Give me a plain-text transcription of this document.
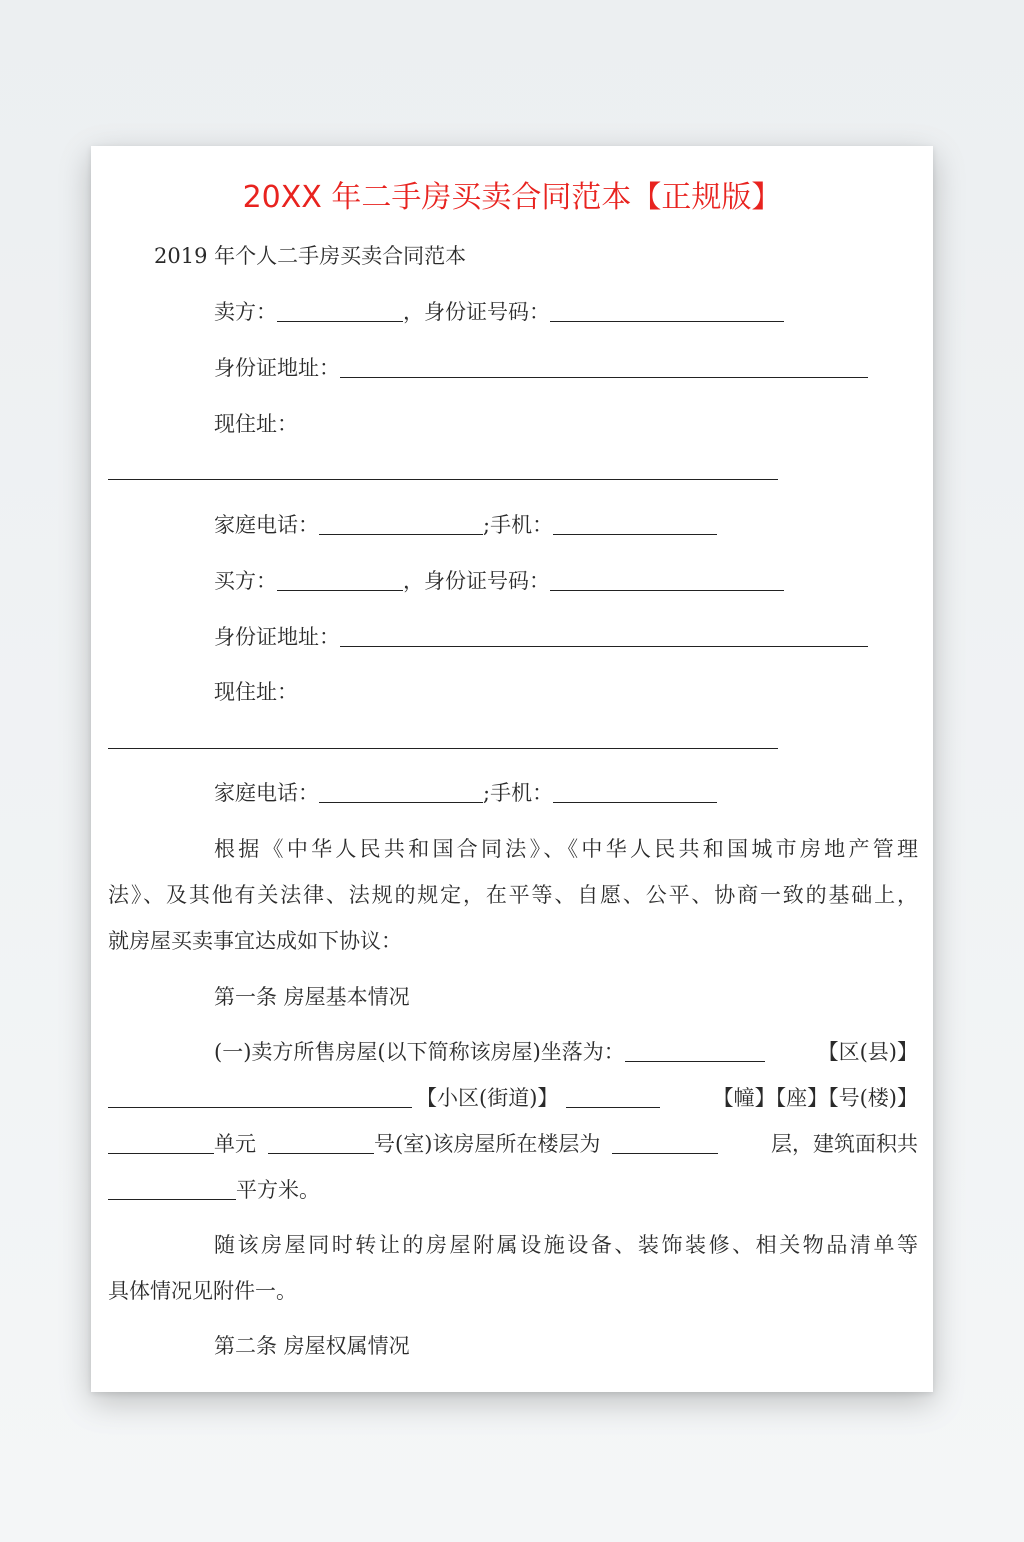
20XX 年二手房买卖合同范本【正规版】
2019 年个人二手房买卖合同范本
卖方：	，身份证号码：
身份证地址：
现住址：
家庭电话：	;手机：
买方：	，身份证号码：
身份证地址：
现住址：
家庭电话：	;手机：
根据《中华人民共和国合同法》、《中华人民共和国城市房地产管理
法》、及其他有关法律、法规的规定，在平等、自愿、公平、协商一致的基础上，
就房屋买卖事宜达成如下协议：
第一条 房屋基本情况
(一)卖方所售房屋(以下简称该房屋)坐落为：	【区(县)】
【小区(街道)】	【幢】【座】【号(楼)】
单元	号(室)该房屋所在楼层为	层，建筑面积共
平方米。
随该房屋同时转让的房屋附属设施设备、装饰装修、相关物品清单等
具体情况见附件一。
第二条 房屋权属情况
